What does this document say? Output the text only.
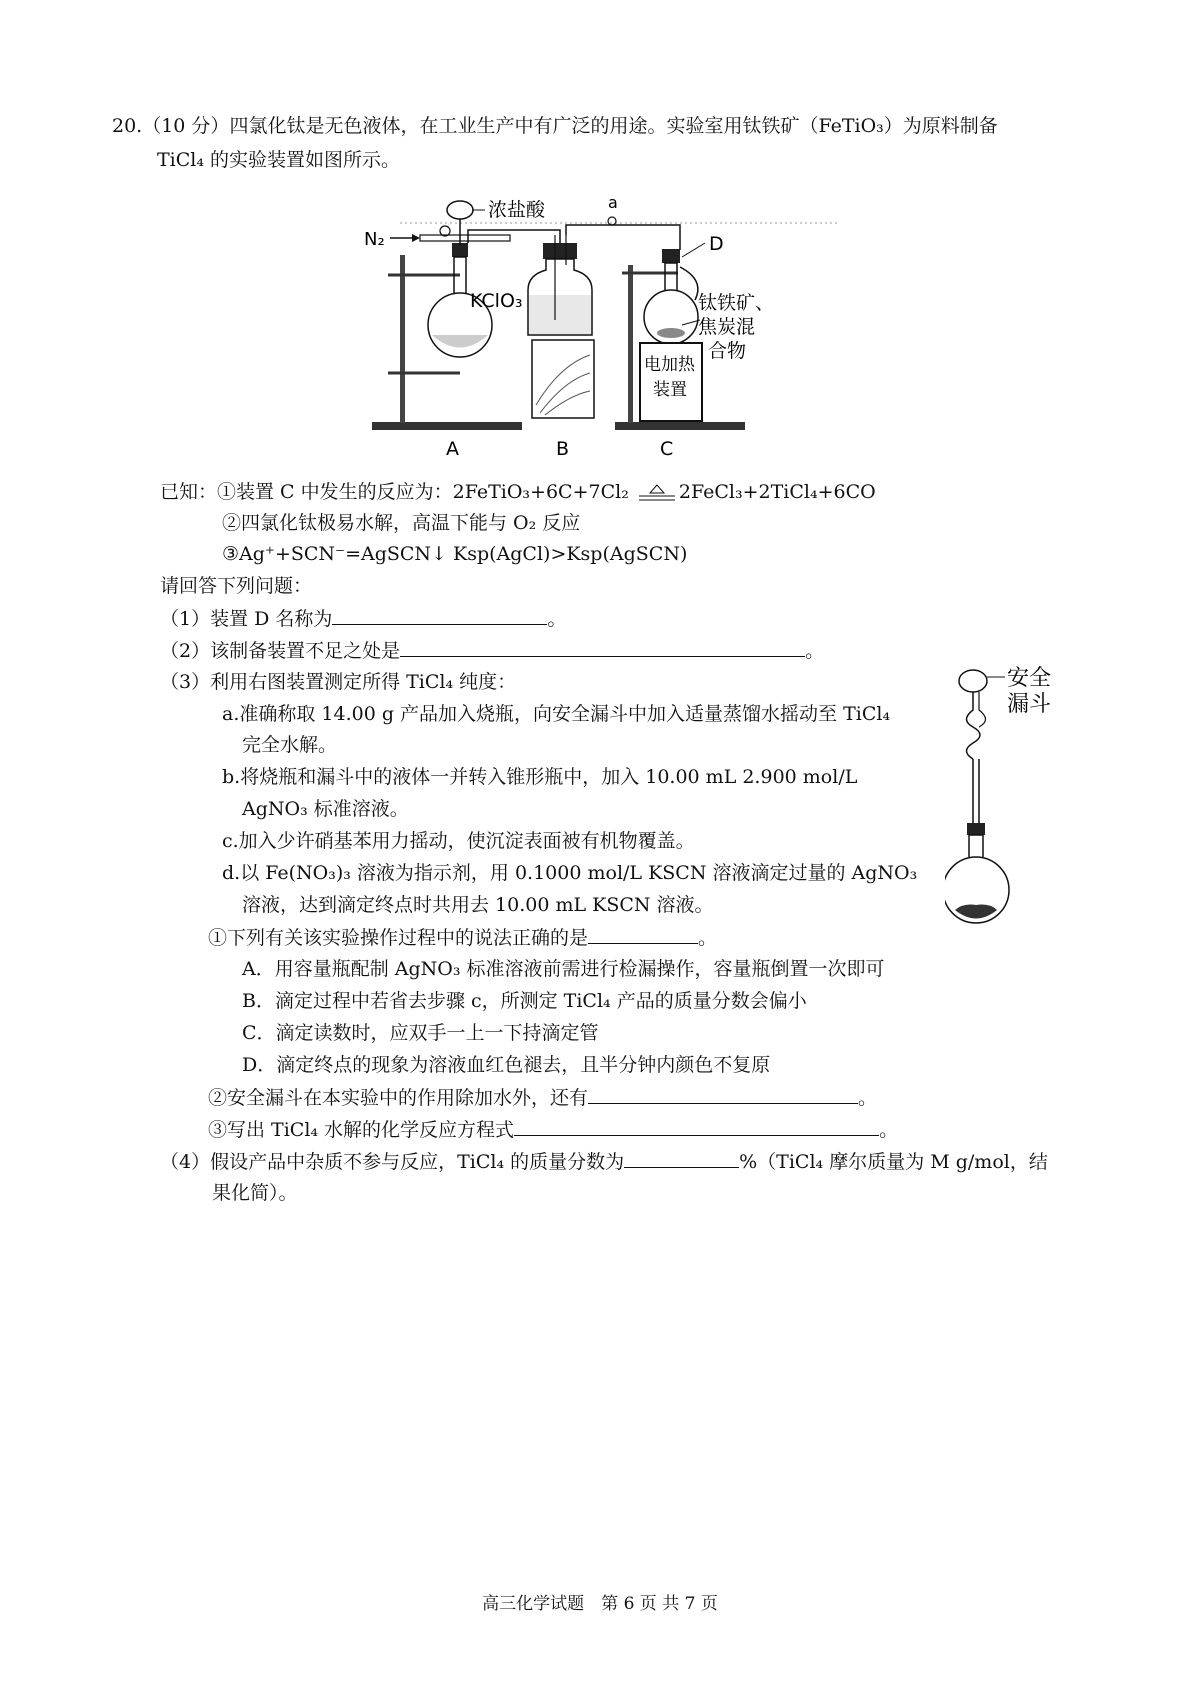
20.（10 分）四氯化钛是无色液体，在工业生产中有广泛的用途。实验室用钛铁矿（FeTiO₃）为原料制备
TiCl₄ 的实验装置如图所示。
N₂
浓盐酸
KClO₃
a
D
钛铁矿、
焦炭混
合物
电加热
装置
A	B	C
已知：①装置 C 中发生的反应为：2FeTiO₃+6C+7Cl₂	2FeCl₃+2TiCl₄+6CO
②四氯化钛极易水解，高温下能与 O₂ 反应
③Ag⁺+SCN⁻=AgSCN↓ Ksp(AgCl)>Ksp(AgSCN)
请回答下列问题：
（1）装置 D 名称为	。
（2）该制备装置不足之处是	。
（3）利用右图装置测定所得 TiCl₄ 纯度：
a.准确称取 14.00 g 产品加入烧瓶，向安全漏斗中加入适量蒸馏水摇动至 TiCl₄
完全水解。
b.将烧瓶和漏斗中的液体一并转入锥形瓶中，加入 10.00 mL 2.900 mol/L
AgNO₃ 标准溶液。
c.加入少许硝基苯用力摇动，使沉淀表面被有机物覆盖。
d.以 Fe(NO₃)₃ 溶液为指示剂，用 0.1000 mol/L KSCN 溶液滴定过量的 AgNO₃
溶液，达到滴定终点时共用去 10.00 mL KSCN 溶液。
①下列有关该实验操作过程中的说法正确的是	。
A．用容量瓶配制 AgNO₃ 标准溶液前需进行检漏操作，容量瓶倒置一次即可
B．滴定过程中若省去步骤 c，所测定 TiCl₄ 产品的质量分数会偏小
C．滴定读数时，应双手一上一下持滴定管
D．滴定终点的现象为溶液血红色褪去，且半分钟内颜色不复原
②安全漏斗在本实验中的作用除加水外，还有	。
③写出 TiCl₄ 水解的化学反应方程式	。
安全
漏斗
（4）假设产品中杂质不参与反应，TiCl₄ 的质量分数为	%（TiCl₄ 摩尔质量为 M g/mol，结
果化简）。
高三化学试题　第 6 页 共 7 页
